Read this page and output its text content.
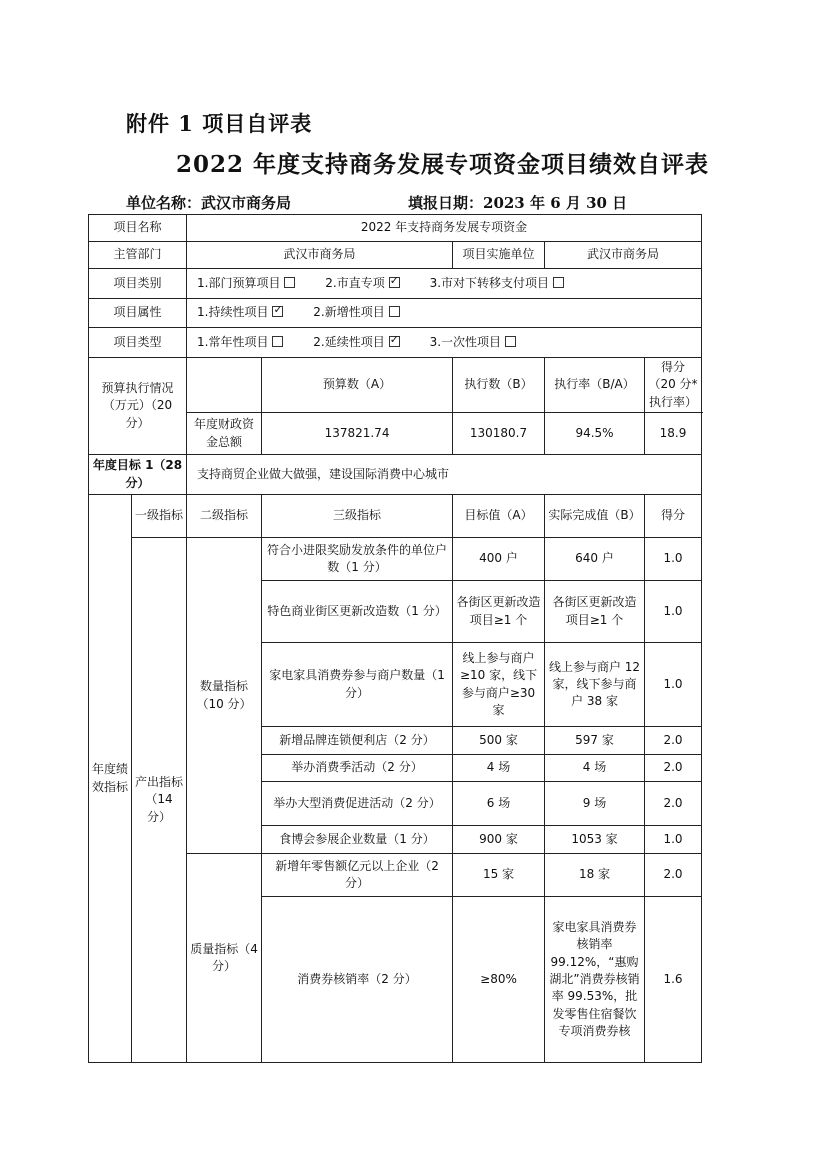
附件 1 项目自评表
2022 年度支持商务发展专项资金项目绩效自评表
单位名称：武汉市商务局	填报日期：2023 年 6 月 30 日
项目名称		2022 年支持商务发展专项资金				
主管部门		武汉市商务局		项目实施单位	武汉市商务局	
项目类别		1.部门预算项目 2.市直专项 ✓ 3.市对下转移支付项目
项目属性		1.持续性项目 ✓ 2.新增性项目
项目类型		1.常年性项目 2.延续性项目 ✓ 3.一次性项目
预算执行情况（万元）（20 分）			预算数（A）	执行数（B）	执行率（B/A）	得分（20 分*执行率）
		年度财政资金总额	137821.74	130180.7	94.5%	18.9
年度目标 1（28 分）		支持商贸企业做大做强，建设国际消费中心城市				
年度绩效指标	一级指标	二级指标	三级指标	目标值（A）	实际完成值（B）	得分
	产出指标（14 分）	数量指标（10 分）	符合小进限奖励发放条件的单位户数（1 分）	400 户	640 户	1.0
			特色商业街区更新改造数（1 分）	各街区更新改造项目≥1 个	各街区更新改造项目≥1 个	1.0
			家电家具消费券参与商户数量（1 分）	线上参与商户≥10 家，线下参与商户≥30 家	线上参与商户 12 家，线下参与商户 38 家	1.0
			新增品牌连锁便利店（2 分）	500 家	597 家	2.0
			举办消费季活动（2 分）	4 场	4 场	2.0
			举办大型消费促进活动（2 分）	6 场	9 场	2.0
			食博会参展企业数量（1 分）	900 家	1053 家	1.0
		质量指标（4 分）	新增年零售额亿元以上企业（2 分）	15 家	18 家	2.0
			消费券核销率（2 分）	≥80%	家电家具消费券核销率 99.12%，“惠购湖北”消费券核销率 99.53%，批发零售住宿餐饮专项消费券核	1.6
